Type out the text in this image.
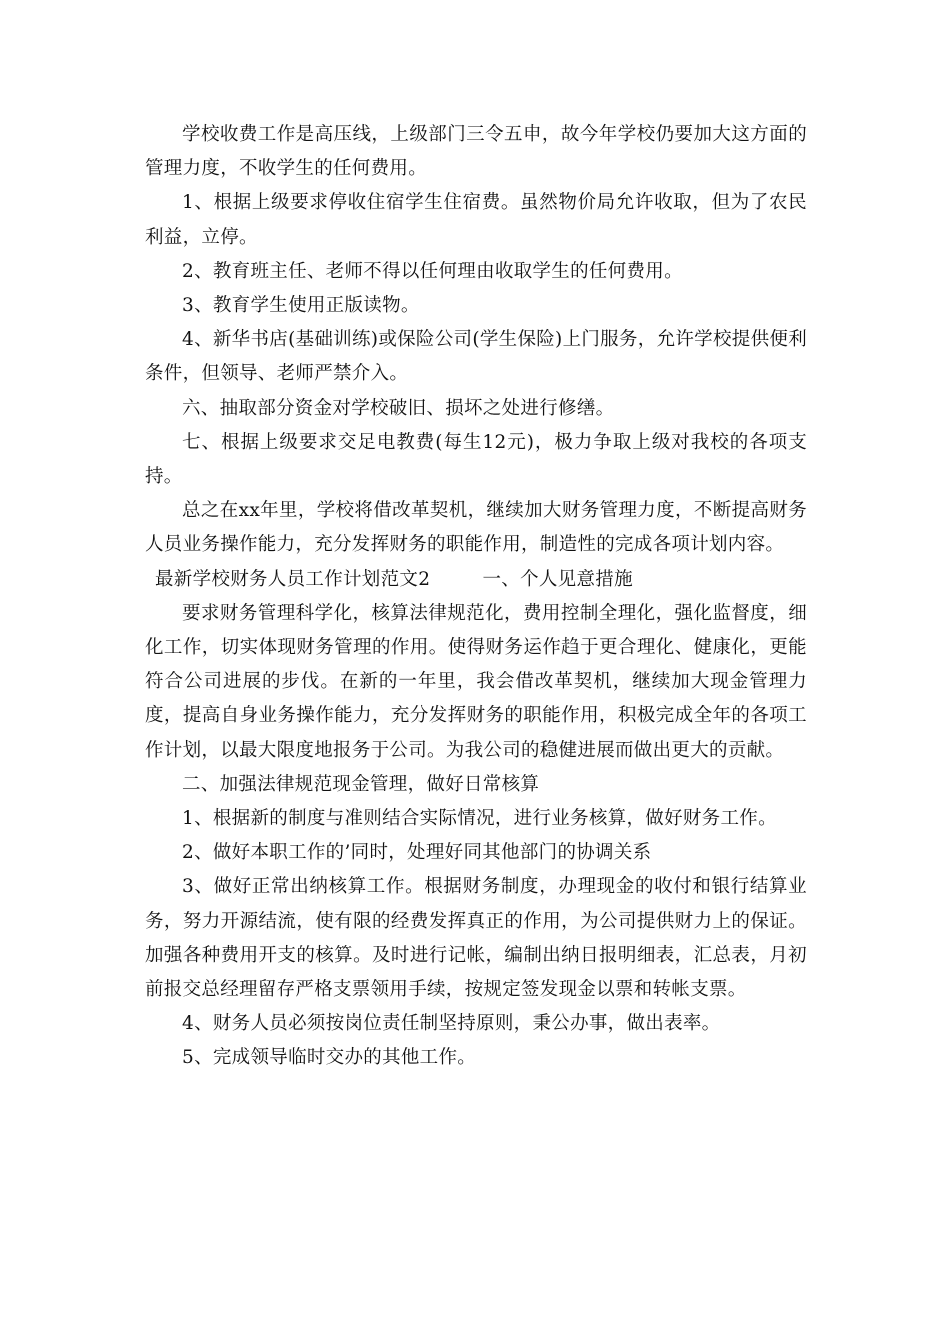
学校收费工作是高压线，上级部门三令五申，故今年学校仍要加大这方面的管理力度，不收学生的任何费用。

1、根据上级要求停收住宿学生住宿费。虽然物价局允许收取，但为了农民利益，立停。

2、教育班主任、老师不得以任何理由收取学生的任何费用。

3、教育学生使用正版读物。

4、新华书店(基础训练)或保险公司(学生保险)上门服务，允许学校提供便利条件，但领导、老师严禁介入。

六、抽取部分资金对学校破旧、损坏之处进行修缮。

七、根据上级要求交足电教费(每生12元)，极力争取上级对我校的各项支持。

总之在xx年里，学校将借改革契机，继续加大财务管理力度，不断提高财务人员业务操作能力，充分发挥财务的职能作用，制造性的完成各项计划内容。

最新学校财务人员工作计划范文2	一、个人见意措施

要求财务管理科学化，核算法律规范化，费用控制全理化，强化监督度，细化工作，切实体现财务管理的作用。使得财务运作趋于更合理化、健康化，更能符合公司进展的步伐。在新的一年里，我会借改革契机，继续加大现金管理力度，提高自身业务操作能力，充分发挥财务的职能作用，积极完成全年的各项工作计划，以最大限度地报务于公司。为我公司的稳健进展而做出更大的贡献。

二、加强法律规范现金管理，做好日常核算

1、根据新的制度与准则结合实际情况，进行业务核算，做好财务工作。

2、做好本职工作的’同时，处理好同其他部门的协调关系

3、做好正常出纳核算工作。根据财务制度，办理现金的收付和银行结算业务，努力开源结流，使有限的经费发挥真正的作用，为公司提供财力上的保证。加强各种费用开支的核算。及时进行记帐，编制出纳日报明细表，汇总表，月初前报交总经理留存严格支票领用手续，按规定签发现金以票和转帐支票。

4、财务人员必须按岗位责任制坚持原则，秉公办事，做出表率。

5、完成领导临时交办的其他工作。
